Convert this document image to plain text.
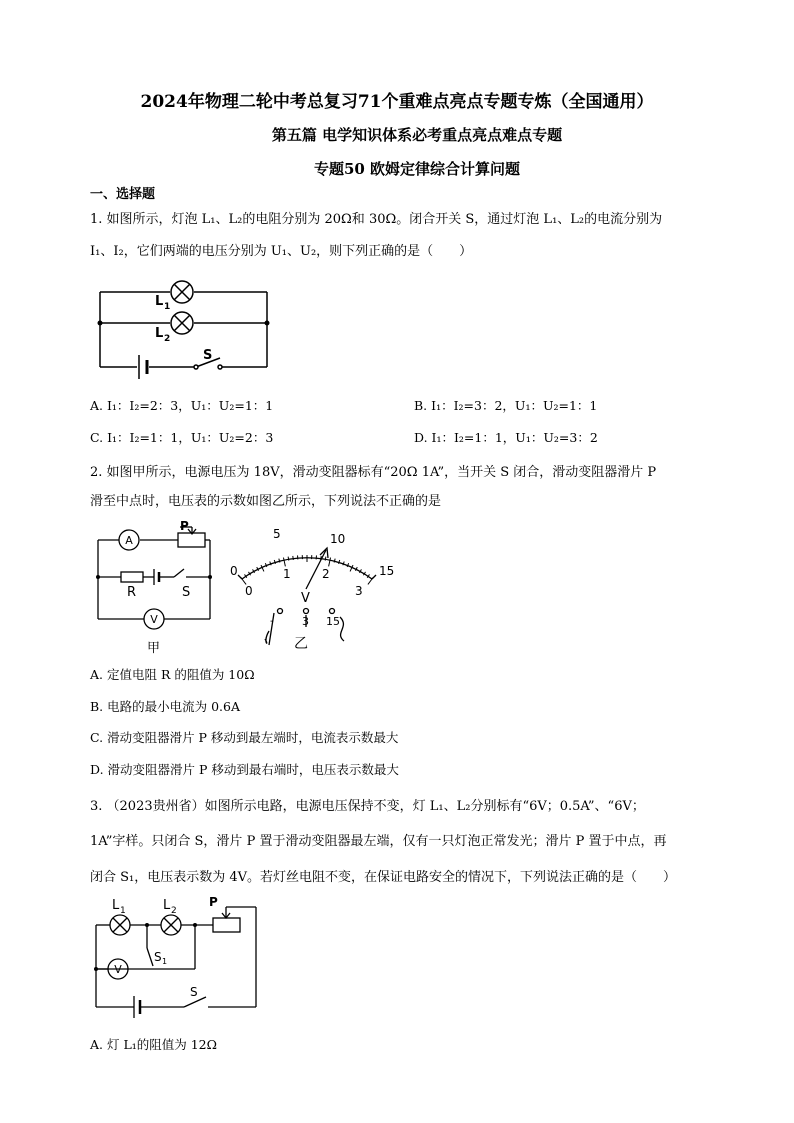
2024年物理二轮中考总复习71个重难点亮点专题专炼（全国通用）
第五篇 电学知识体系必考重点亮点难点专题
专题50 欧姆定律综合计算问题
一、选择题
1. 如图所示，灯泡 L₁、L₂的电阻分别为 20Ω和 30Ω。闭合开关 S，通过灯泡 L₁、L₂的电流分别为
I₁、I₂，它们两端的电压分别为 U₁、U₂，则下列正确的是（　　）
L 1
L 2
S
A. I₁：I₂=2：3，U₁：U₂=1：1	B. I₁：I₂=3：2，U₁：U₂=1：1
C. I₁：I₂=1：1，U₁：U₂=2：3	D. I₁：I₂=1：1，U₁：U₂=3：2
2. 如图甲所示，电源电压为 18V，滑动变阻器标有“20Ω 1A”，当开关 S 闭合，滑动变阻器滑片 P
滑至中点时，电压表的示数如图乙所示，下列说法不正确的是
A
P
R	S
V
甲
0
5	10
15
0
1	2
3
V
-	3 15
乙
A. 定值电阻 R 的阻值为 10Ω
B. 电路的最小电流为 0.6A
C. 滑动变阻器滑片 P 移动到最左端时，电流表示数最大
D. 滑动变阻器滑片 P 移动到最右端时，电压表示数最大
3. （2023贵州省）如图所示电路，电源电压保持不变，灯 L₁、L₂分别标有“6V；0.5A”、“6V；
1A”字样。只闭合 S，滑片 P 置于滑动变阻器最左端，仅有一只灯泡正常发光；滑片 P 置于中点，再
闭合 S₁，电压表示数为 4V。若灯丝电阻不变，在保证电路安全的情况下，下列说法正确的是（　　）
L 1	L 2
P
S 1
V
S
A. 灯 L₁的阻值为 12Ω
